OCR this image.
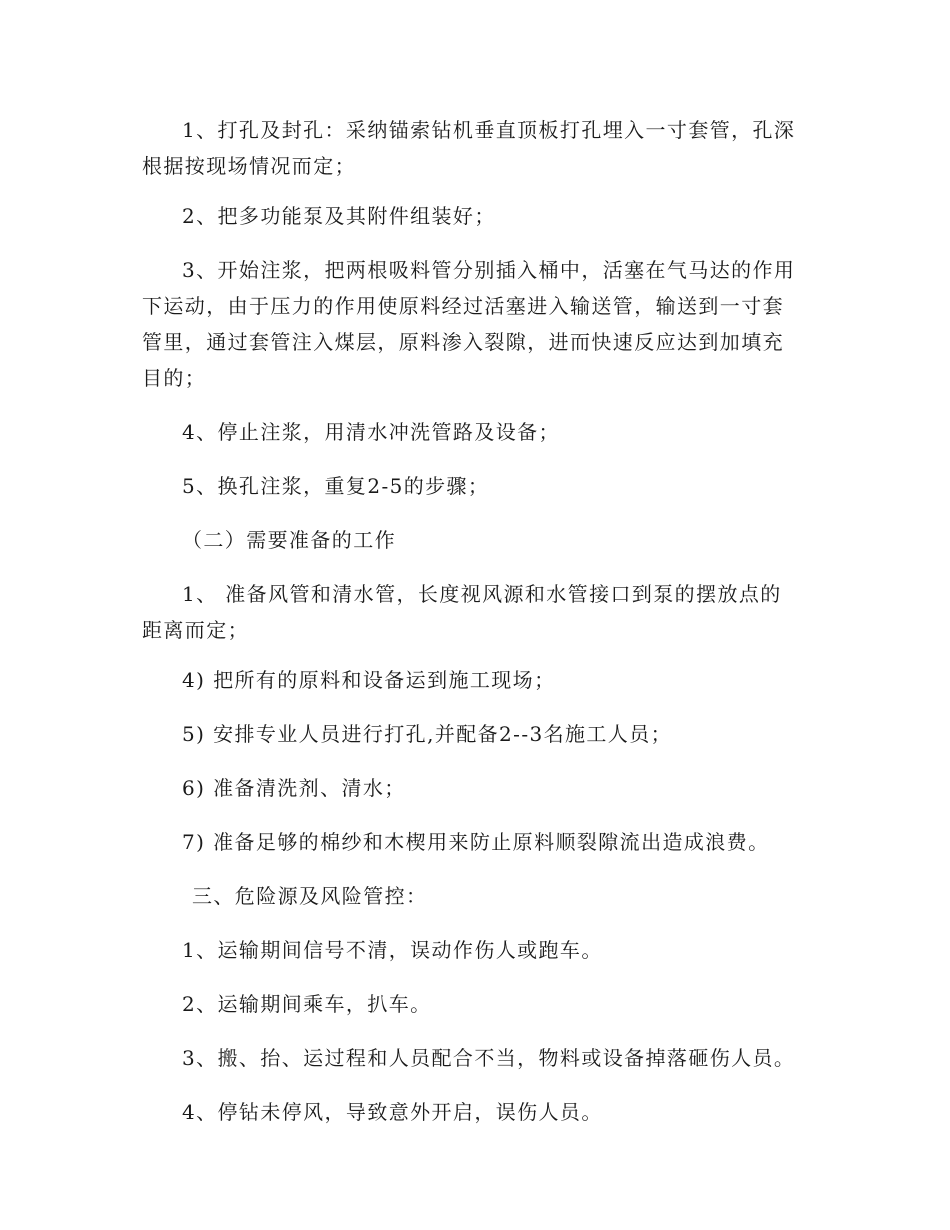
1、打孔及封孔：采纳锚索钻机垂直顶板打孔埋入一寸套管，孔深
根据按现场情况而定；

2、把多功能泵及其附件组装好；

3、开始注浆，把两根吸料管分别插入桶中，活塞在气马达的作用
下运动，由于压力的作用使原料经过活塞进入输送管，输送到一寸套
管里，通过套管注入煤层，原料渗入裂隙，进而快速反应达到加填充
目的；

4、停止注浆，用清水冲洗管路及设备；

5、换孔注浆，重复2-5的步骤；

（二）需要准备的工作

1、 准备风管和清水管，长度视风源和水管接口到泵的摆放点的
距离而定；

4) 把所有的原料和设备运到施工现场；

5) 安排专业人员进行打孔,并配备2--3名施工人员；

6) 准备清洗剂、清水；

7) 准备足够的棉纱和木楔用来防止原料顺裂隙流出造成浪费。

三、危险源及风险管控：

1、运输期间信号不清，误动作伤人或跑车。

2、运输期间乘车，扒车。

3、搬、抬、运过程和人员配合不当，物料或设备掉落砸伤人员。

4、停钻未停风，导致意外开启，误伤人员。
